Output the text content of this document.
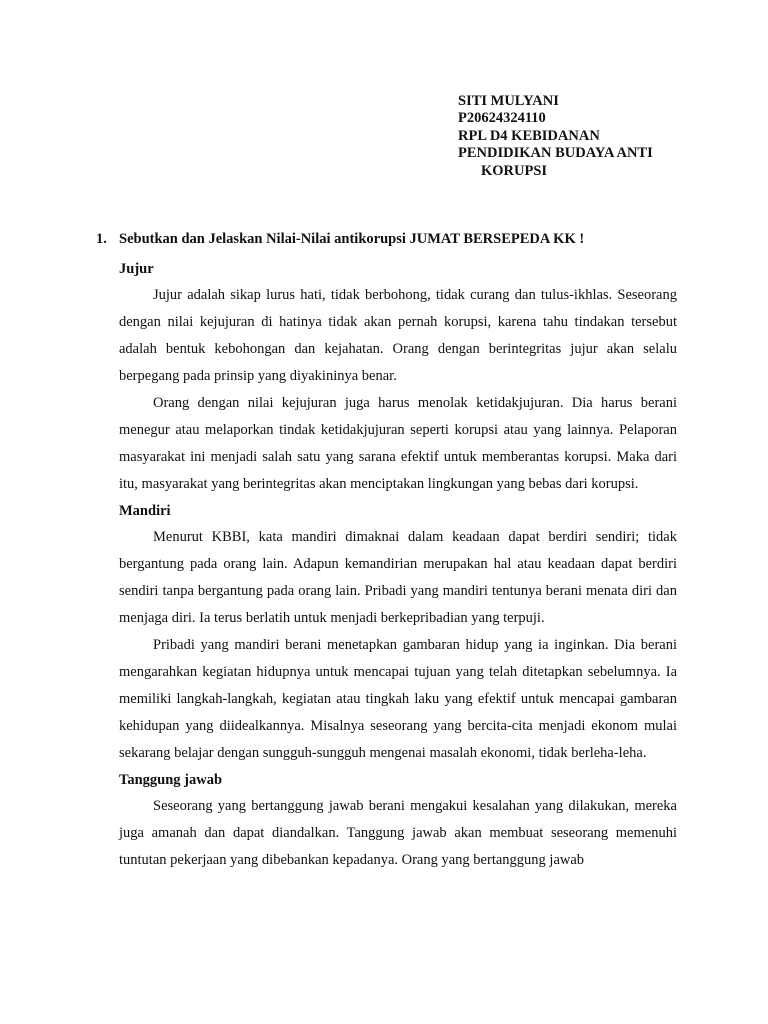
SITI MULYANI
P20624324110
RPL D4 KEBIDANAN
PENDIDIKAN BUDAYA ANTI
KORUPSI
1. Sebutkan dan Jelaskan Nilai-Nilai antikorupsi JUMAT BERSEPEDA KK !
Jujur

Jujur adalah sikap lurus hati, tidak berbohong, tidak curang dan tulus-ikhlas. Seseorang dengan nilai kejujuran di hatinya tidak akan pernah korupsi, karena tahu tindakan tersebut adalah bentuk kebohongan dan kejahatan. Orang dengan berintegritas jujur akan selalu berpegang pada prinsip yang diyakininya benar.

Orang dengan nilai kejujuran juga harus menolak ketidakjujuran. Dia harus berani menegur atau melaporkan tindak ketidakjujuran seperti korupsi atau yang lainnya. Pelaporan masyarakat ini menjadi salah satu yang sarana efektif untuk memberantas korupsi. Maka dari itu, masyarakat yang berintegritas akan menciptakan lingkungan yang bebas dari korupsi.

Mandiri

Menurut KBBI, kata mandiri dimaknai dalam keadaan dapat berdiri sendiri; tidak bergantung pada orang lain. Adapun kemandirian merupakan hal atau keadaan dapat berdiri sendiri tanpa bergantung pada orang lain. Pribadi yang mandiri tentunya berani menata diri dan menjaga diri. Ia terus berlatih untuk menjadi berkepribadian yang terpuji.

Pribadi yang mandiri berani menetapkan gambaran hidup yang ia inginkan. Dia berani mengarahkan kegiatan hidupnya untuk mencapai tujuan yang telah ditetapkan sebelumnya. Ia memiliki langkah-langkah, kegiatan atau tingkah laku yang efektif untuk mencapai gambaran kehidupan yang diidealkannya. Misalnya seseorang yang bercita-cita menjadi ekonom mulai sekarang belajar dengan sungguh-sungguh mengenai masalah ekonomi, tidak berleha-leha.

Tanggung jawab

Seseorang yang bertanggung jawab berani mengakui kesalahan yang dilakukan, mereka juga amanah dan dapat diandalkan. Tanggung jawab akan membuat seseorang memenuhi tuntutan pekerjaan yang dibebankan kepadanya. Orang yang bertanggung jawab
